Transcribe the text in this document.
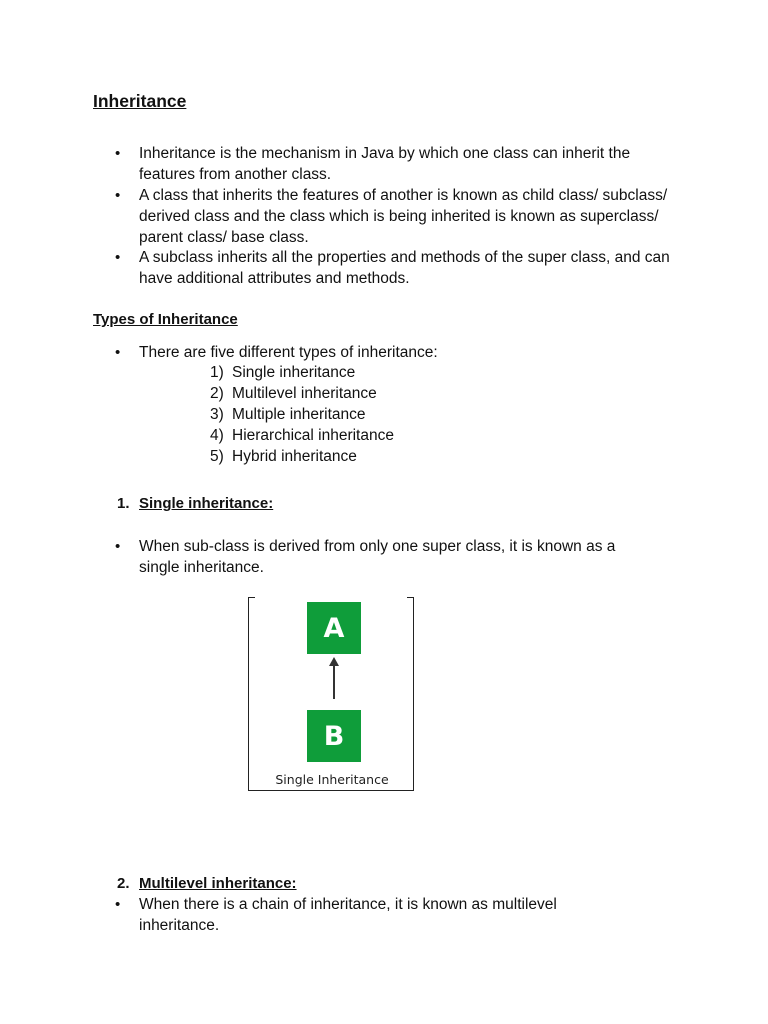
Inheritance
• Inheritance is the mechanism in Java by which one class can inherit the features from another class.
• A class that inherits the features of another is known as child class/ subclass/ derived class and the class which is being inherited is known as superclass/ parent class/ base class.
• A subclass inherits all the properties and methods of the super class, and can have additional attributes and methods.
Types of Inheritance
• There are five different types of inheritance:
1) Single inheritance
2) Multilevel inheritance
3) Multiple inheritance
4) Hierarchical inheritance
5) Hybrid inheritance
1. Single inheritance:
• When sub-class is derived from only one super class, it is known as a single inheritance.
A
B
Single Inheritance
2. Multilevel inheritance:
• When there is a chain of inheritance, it is known as multilevel inheritance.
